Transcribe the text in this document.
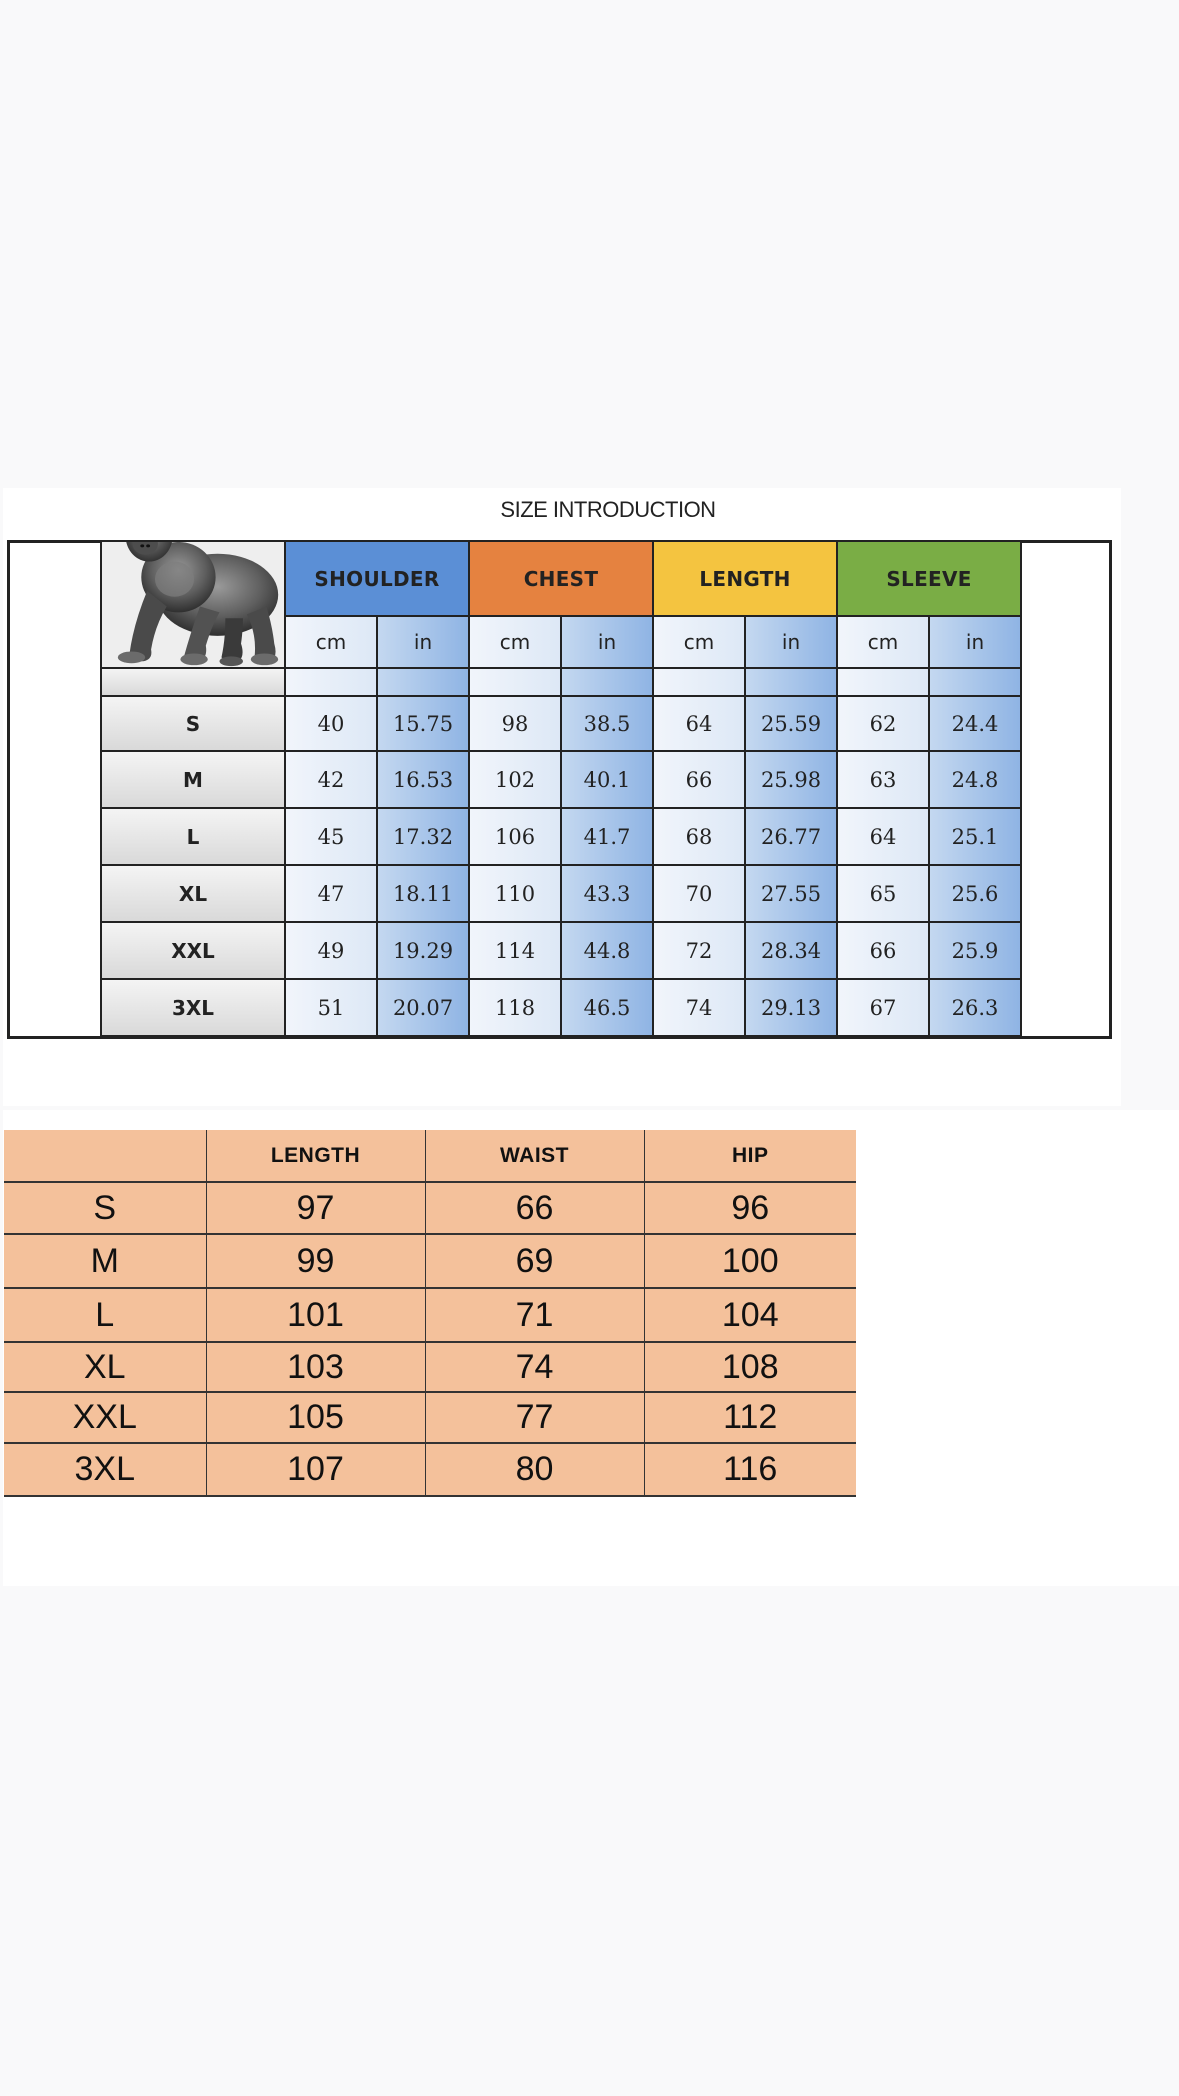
SIZE INTRODUCTION
	SHOULDER		CHEST		LENGTH		SLEEVE	
	cm	in	cm	in	cm	in	cm	in

S	40	15.75	98	38.5	64	25.59	62	24.4
M	42	16.53	102	40.1	66	25.98	63	24.8
L	45	17.32	106	41.7	68	26.77	64	25.1
XL	47	18.11	110	43.3	70	27.55	65	25.6
XXL	49	19.29	114	44.8	72	28.34	66	25.9
3XL	51	20.07	118	46.5	74	29.13	67	26.3
	LENGTH	WAIST	HIP
S	97	66	96
M	99	69	100
L	101	71	104
XL	103	74	108
XXL	105	77	112
3XL	107	80	116
